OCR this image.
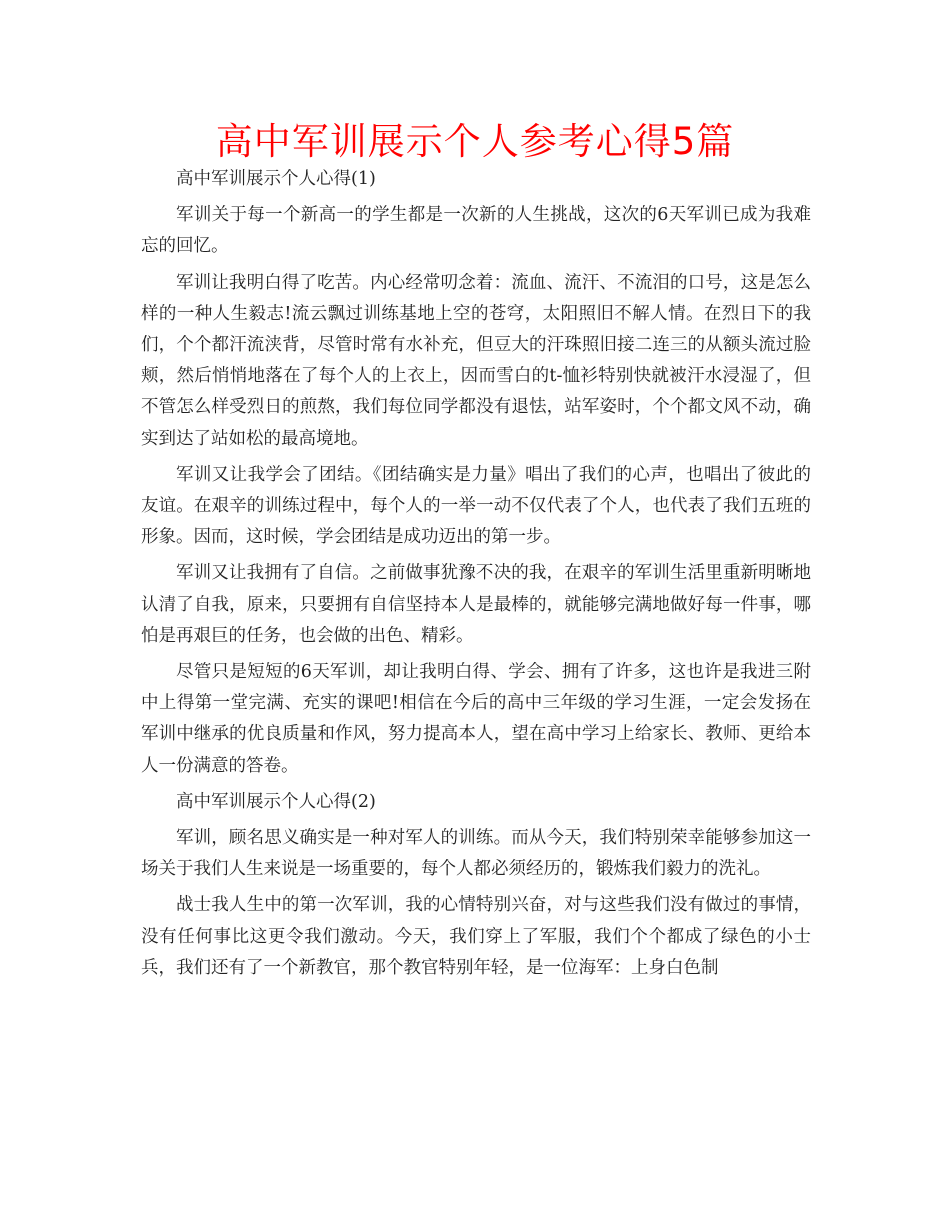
高中军训展示个人参考心得5篇

高中军训展示个人心得(1)

军训关于每一个新高一的学生都是一次新的人生挑战，这次的6天军训已成为我难忘的回忆。

军训让我明白得了吃苦。内心经常叨念着：流血、流汗、不流泪的口号，这是怎么样的一种人生毅志!流云飘过训练基地上空的苍穹，太阳照旧不解人情。在烈日下的我们，个个都汗流浃背，尽管时常有水补充，但豆大的汗珠照旧接二连三的从额头流过脸颊，然后悄悄地落在了每个人的上衣上，因而雪白的t-恤衫特别快就被汗水浸湿了，但不管怎么样受烈日的煎熬，我们每位同学都没有退怯，站军姿时，个个都文风不动，确实到达了站如松的最高境地。

军训又让我学会了团结。《团结确实是力量》唱出了我们的心声，也唱出了彼此的友谊。在艰辛的训练过程中，每个人的一举一动不仅代表了个人，也代表了我们五班的形象。因而，这时候，学会团结是成功迈出的第一步。

军训又让我拥有了自信。之前做事犹豫不决的我，在艰辛的军训生活里重新明晰地认清了自我，原来，只要拥有自信坚持本人是最棒的，就能够完满地做好每一件事，哪怕是再艰巨的任务，也会做的出色、精彩。

尽管只是短短的6天军训，却让我明白得、学会、拥有了许多，这也许是我进三附中上得第一堂完满、充实的课吧!相信在今后的高中三年级的学习生涯，一定会发扬在军训中继承的优良质量和作风，努力提高本人，望在高中学习上给家长、教师、更给本人一份满意的答卷。

高中军训展示个人心得(2)

军训，顾名思义确实是一种对军人的训练。而从今天，我们特别荣幸能够参加这一场关于我们人生来说是一场重要的，每个人都必须经历的，锻炼我们毅力的洗礼。

战士我人生中的第一次军训，我的心情特别兴奋，对与这些我们没有做过的事情，没有任何事比这更令我们激动。今天，我们穿上了军服，我们个个都成了绿色的小士兵，我们还有了一个新教官，那个教官特别年轻，是一位海军：上身白色制
